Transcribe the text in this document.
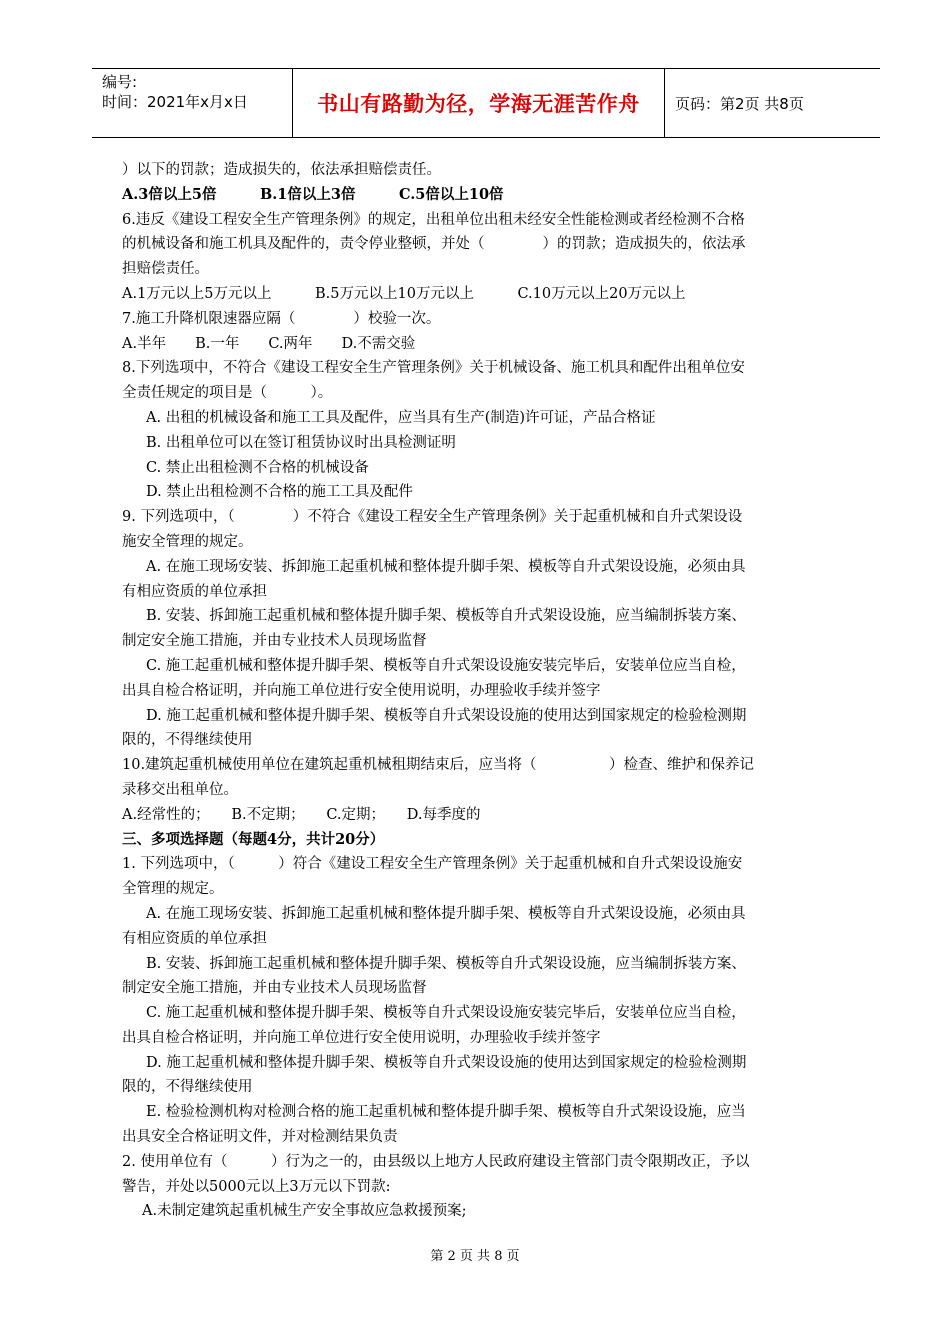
编号:
时间：2021年x月x日	书山有路勤为径，学海无涯苦作舟	页码：第2页 共8页
）以下的罚款；造成损失的，依法承担赔偿责任。
A.3倍以上5倍　　　B.1倍以上3倍　　　C.5倍以上10倍
6.违反《建设工程安全生产管理条例》的规定，出租单位出租未经安全性能检测或者经检测不合格
的机械设备和施工机具及配件的，责令停业整顿，并处（　　　　）的罚款；造成损失的，依法承
担赔偿责任。
A.1万元以上5万元以上　　　B.5万元以上10万元以上　　　C.10万元以上20万元以上
7.施工升降机限速器应隔（　　　　）校验一次。
A.半年　　B.一年　　C.两年　　D.不需交验
8.下列选项中，不符合《建设工程安全生产管理条例》关于机械设备、施工机具和配件出租单位安
全责任规定的项目是（　　　）。
A. 出租的机械设备和施工工具及配件，应当具有生产(制造)许可证，产品合格证
B. 出租单位可以在签订租赁协议时出具检测证明
C. 禁止出租检测不合格的机械设备
D. 禁止出租检测不合格的施工工具及配件
9. 下列选项中，（　　　　）不符合《建设工程安全生产管理条例》关于起重机械和自升式架设设
施安全管理的规定。
A. 在施工现场安装、拆卸施工起重机械和整体提升脚手架、模板等自升式架设设施，必须由具
有相应资质的单位承担
B. 安装、拆卸施工起重机械和整体提升脚手架、模板等自升式架设设施，应当编制拆装方案、
制定安全施工措施，并由专业技术人员现场监督
C. 施工起重机械和整体提升脚手架、模板等自升式架设设施安装完毕后，安装单位应当自检，
出具自检合格证明，并向施工单位进行安全使用说明，办理验收手续并签字
D. 施工起重机械和整体提升脚手架、模板等自升式架设设施的使用达到国家规定的检验检测期
限的，不得继续使用
10.建筑起重机械使用单位在建筑起重机械租期结束后，应当将（　　　　　）检查、维护和保养记
录移交出租单位。
A.经常性的；　　B.不定期；　　C.定期；　　D.每季度的
三、多项选择题（每题4分，共计20分）
1. 下列选项中，（　　　）符合《建设工程安全生产管理条例》关于起重机械和自升式架设设施安
全管理的规定。
A. 在施工现场安装、拆卸施工起重机械和整体提升脚手架、模板等自升式架设设施，必须由具
有相应资质的单位承担
B. 安装、拆卸施工起重机械和整体提升脚手架、模板等自升式架设设施，应当编制拆装方案、
制定安全施工措施，并由专业技术人员现场监督
C. 施工起重机械和整体提升脚手架、模板等自升式架设设施安装完毕后，安装单位应当自检，
出具自检合格证明，并向施工单位进行安全使用说明，办理验收手续并签字
D. 施工起重机械和整体提升脚手架、模板等自升式架设设施的使用达到国家规定的检验检测期
限的，不得继续使用
E. 检验检测机构对检测合格的施工起重机械和整体提升脚手架、模板等自升式架设设施，应当
出具安全合格证明文件，并对检测结果负责
2. 使用单位有（　　　）行为之一的，由县级以上地方人民政府建设主管部门责令限期改正，予以
警告，并处以5000元以上3万元以下罚款:
A.未制定建筑起重机械生产安全事故应急救援预案;
第 2 页 共 8 页
